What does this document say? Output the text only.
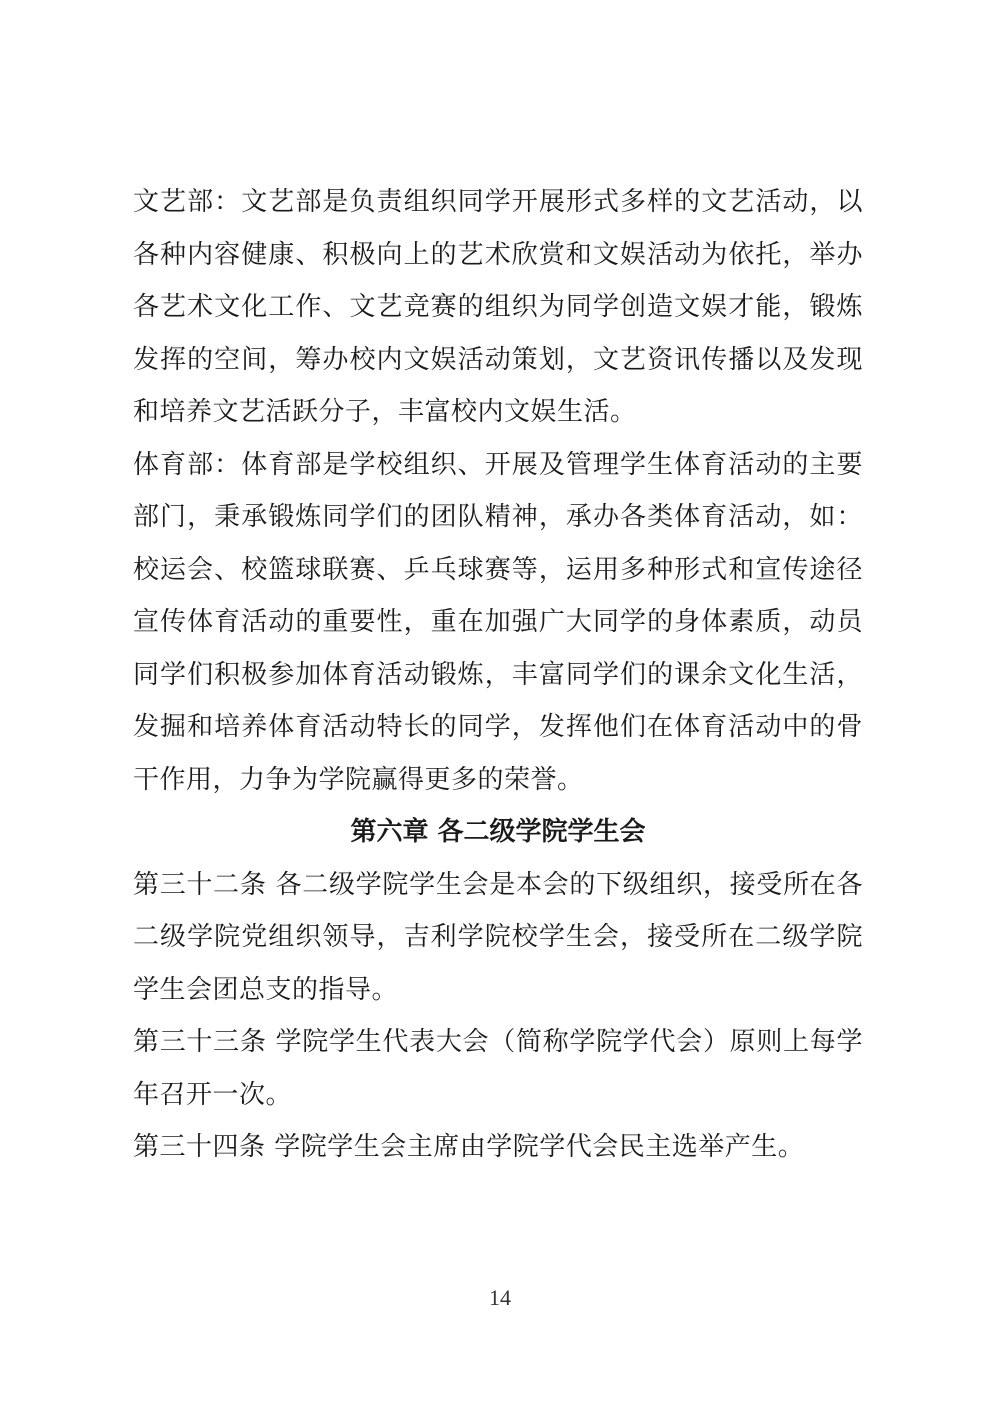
文艺部：文艺部是负责组织同学开展形式多样的文艺活动，以各种内容健康、积极向上的艺术欣赏和文娱活动为依托，举办各艺术文化工作、文艺竞赛的组织为同学创造文娱才能，锻炼发挥的空间，筹办校内文娱活动策划，文艺资讯传播以及发现和培养文艺活跃分子，丰富校内文娱生活。

体育部：体育部是学校组织、开展及管理学生体育活动的主要部门，秉承锻炼同学们的团队精神，承办各类体育活动，如：校运会、校篮球联赛、乒乓球赛等，运用多种形式和宣传途径宣传体育活动的重要性，重在加强广大同学的身体素质，动员同学们积极参加体育活动锻炼，丰富同学们的课余文化生活，发掘和培养体育活动特长的同学，发挥他们在体育活动中的骨干作用，力争为学院赢得更多的荣誉。

第六章 各二级学院学生会

第三十二条 各二级学院学生会是本会的下级组织，接受所在各二级学院党组织领导，吉利学院校学生会，接受所在二级学院学生会团总支的指导。

第三十三条 学院学生代表大会（简称学院学代会）原则上每学年召开一次。

第三十四条 学院学生会主席由学院学代会民主选举产生。

14
